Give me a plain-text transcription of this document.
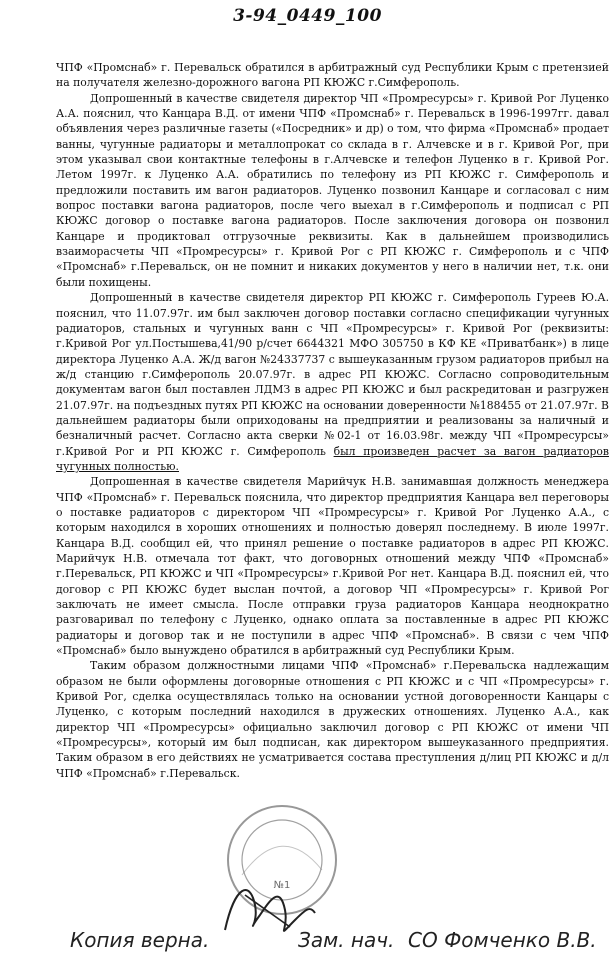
3-94_0449_100

ЧПФ «Промснаб» г. Перевальск обратился в арбитражный суд Республики Крым с претензией на получателя железно-дорожного вагона РП КЮЖС г.Симферополь.

Допрошенный в качестве свидетеля директор ЧП «Промресурсы» г. Кривой Рог Луценко А.А. пояснил, что Канцара В.Д. от имени ЧПФ «Промснаб» г. Перевальск в 1996-1997гг. давал объявления через различные газеты («Посредник» и др) о том, что фирма «Промснаб» продает ванны, чугунные радиаторы и металлопрокат со склада в г. Алчевске и в г. Кривой Рог, при этом указывал свои контактные телефоны в г.Алчевске и телефон Луценко в г. Кривой Рог. Летом 1997г. к Луценко А.А. обратились по телефону из РП КЮЖС г. Симферополь и предложили поставить им вагон радиаторов. Луценко позвонил Канцаре и согласовал с ним вопрос поставки вагона радиаторов, после чего выехал в г.Симферополь и подписал с РП КЮЖС договор о поставке вагона радиаторов. После заключения договора он позвонил Канцаре и продиктовал отгрузочные реквизиты. Как в дальнейшем производились взаиморасчеты ЧП «Промресурсы» г. Кривой Рог с РП КЮЖС г. Симферополь и с ЧПФ «Промснаб» г.Перевальск, он не помнит и никаких документов у него в наличии нет, т.к. они были похищены.

Допрошенный в качестве свидетеля директор РП КЮЖС г. Симферополь Гуреев Ю.А. пояснил, что 11.07.97г. им был заключен договор поставки согласно спецификации чугунных радиаторов, стальных и чугунных ванн с ЧП «Промресурсы» г. Кривой Рог (реквизиты: г.Кривой Рог ул.Постышева,41/90 р/счет 6644321 МФО 305750 в КФ КЕ «Приватбанк») в лице директора Луценко А.А. Ж/д вагон №24337737 с вышеуказанным грузом радиаторов прибыл на ж/д станцию г.Симферополь 20.07.97г. в адрес РП КЮЖС. Согласно сопроводительным документам вагон был поставлен ЛДМЗ в адрес РП КЮЖС и был раскредитован и разгружен 21.07.97г. на подъездных путях РП КЮЖС на основании доверенности №188455 от 21.07.97г. В дальнейшем радиаторы были оприходованы на предприятии и реализованы за наличный и безналичный расчет. Согласно акта сверки №02-1 от 16.03.98г. между ЧП «Промресурсы» г.Кривой Рог и РП КЮЖС г. Симферополь был произведен расчет за вагон радиаторов чугунных полностью.

Допрошенная в качестве свидетеля Марийчук Н.В. занимавшая должность менеджера ЧПФ «Промснаб» г. Перевальск пояснила, что директор предприятия Канцара вел переговоры о поставке радиаторов с директором ЧП «Промресурсы» г. Кривой Рог Луценко А.А., с которым находился в хороших отношениях и полностью доверял последнему. В июле 1997г. Канцара В.Д. сообщил ей, что принял решение о поставке радиаторов в адрес РП КЮЖС. Марийчук Н.В. отмечала тот факт, что договорных отношений между ЧПФ «Промснаб» г.Перевальск, РП КЮЖС и ЧП «Промресурсы» г.Кривой Рог нет. Канцара В.Д. пояснил ей, что договор с РП КЮЖС будет выслан почтой, а договор ЧП «Промресурсы» г. Кривой Рог заключать не имеет смысла. После отправки груза радиаторов Канцара неоднократно разговаривал по телефону с Луценко, однако оплата за поставленные в адрес РП КЮЖС радиаторы и договор так и не поступили в адрес ЧПФ «Промснаб». В связи с чем ЧПФ «Промснаб» было вынуждено обратился в арбитражный суд Республики Крым.

Таким образом должностными лицами ЧПФ «Промснаб» г.Перевальска надлежащим образом не были оформлены договорные отношения с РП КЮЖС и с ЧП «Промресурсы» г. Кривой Рог, сделка осуществлялась только на основании устной договоренности Канцары с Луценко, с которым последний находился в дружеских отношениях. Луценко А.А., как директор ЧП «Промресурсы» официально заключил договор с РП КЮЖС от имени ЧП «Промресурсы», который им был подписан, как директором вышеуказанного предприятия. Таким образом в его действиях не усматривается состава преступления д/лиц РП КЮЖС и д/л ЧПФ «Промснаб» г.Перевальск.

№1
Копия верна.	Зам. нач. СО Фомченко В.В.
